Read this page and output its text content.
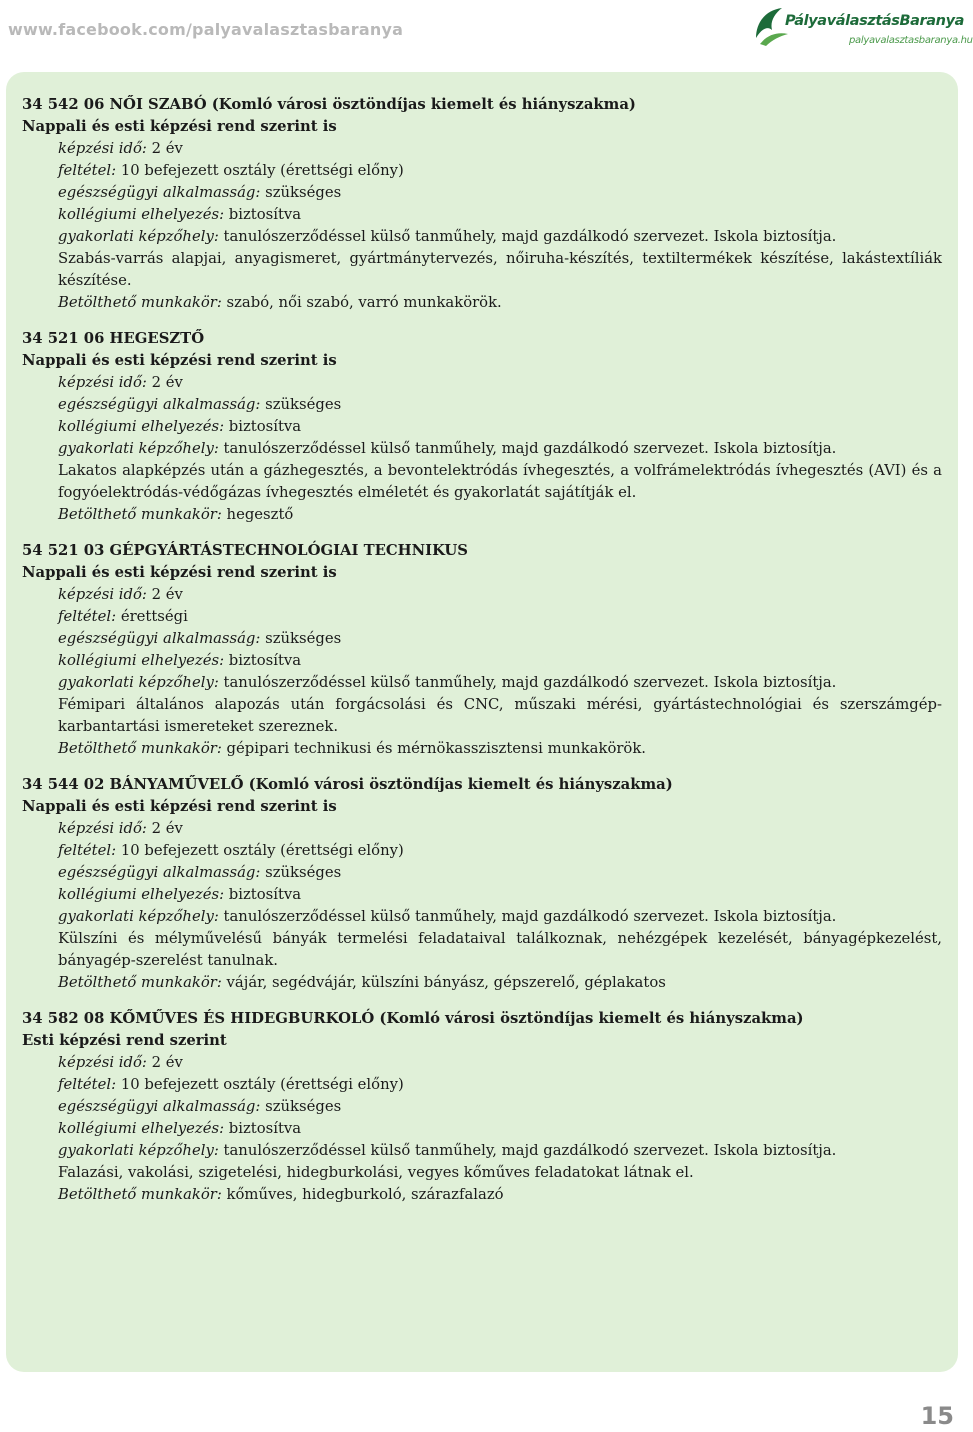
www.facebook.com/palyavalasztasbaranya	PályaválasztásBaranya
palyavalasztasbaranya.hu
34 542 06 NŐI SZABÓ (Komló városi ösztöndíjas kiemelt és hiányszakma)
Nappali és esti képzési rend szerint is
képzési idő: 2 év
feltétel: 10 befejezett osztály (érettségi előny)
egészségügyi alkalmasság: szükséges
kollégiumi elhelyezés: biztosítva
gyakorlati képzőhely: tanulószerződéssel külső tanműhely, majd gazdálkodó szervezet. Iskola biztosítja.
Szabás-varrás alapjai, anyagismeret, gyártmánytervezés, nőiruha-készítés, textiltermékek készítése, lakástextíliák készítése.
Betölthető munkakör: szabó, női szabó, varró munkakörök.
34 521 06 HEGESZTŐ
Nappali és esti képzési rend szerint is
képzési idő: 2 év
egészségügyi alkalmasság: szükséges
kollégiumi elhelyezés: biztosítva
gyakorlati képzőhely: tanulószerződéssel külső tanműhely, majd gazdálkodó szervezet. Iskola biztosítja.
Lakatos alapképzés után a gázhegesztés, a bevontelektródás ívhegesztés, a volfrámelektródás ívhegesztés (AVI) és a fogyóelektródás-védőgázas ívhegesztés elméletét és gyakorlatát sajátítják el.
Betölthető munkakör: hegesztő
54 521 03 GÉPGYÁRTÁSTECHNOLÓGIAI TECHNIKUS
Nappali és esti képzési rend szerint is
képzési idő: 2 év
feltétel: érettségi
egészségügyi alkalmasság: szükséges
kollégiumi elhelyezés: biztosítva
gyakorlati képzőhely: tanulószerződéssel külső tanműhely, majd gazdálkodó szervezet. Iskola biztosítja.
Fémipari általános alapozás után forgácsolási és CNC, műszaki mérési, gyártástechnológiai és szerszámgép-karbantartási ismereteket szereznek.
Betölthető munkakör: gépipari technikusi és mérnökasszisztensi munkakörök.
34 544 02 BÁNYAMŰVELŐ (Komló városi ösztöndíjas kiemelt és hiányszakma)
Nappali és esti képzési rend szerint is
képzési idő: 2 év
feltétel: 10 befejezett osztály (érettségi előny)
egészségügyi alkalmasság: szükséges
kollégiumi elhelyezés: biztosítva
gyakorlati képzőhely: tanulószerződéssel külső tanműhely, majd gazdálkodó szervezet. Iskola biztosítja.
Külszíni és mélyművelésű bányák termelési feladataival találkoznak, nehézgépek kezelését, bányagépkezelést, bányagép-szerelést tanulnak.
Betölthető munkakör: vájár, segédvájár, külszíni bányász, gépszerelő, géplakatos
34 582 08 KŐMŰVES ÉS HIDEGBURKOLÓ (Komló városi ösztöndíjas kiemelt és hiányszakma)
Esti képzési rend szerint
képzési idő: 2 év
feltétel: 10 befejezett osztály (érettségi előny)
egészségügyi alkalmasság: szükséges
kollégiumi elhelyezés: biztosítva
gyakorlati képzőhely: tanulószerződéssel külső tanműhely, majd gazdálkodó szervezet. Iskola biztosítja.
Falazási, vakolási, szigetelési, hidegburkolási, vegyes kőműves feladatokat látnak el.
Betölthető munkakör: kőműves, hidegburkoló, szárazfalazó
15
